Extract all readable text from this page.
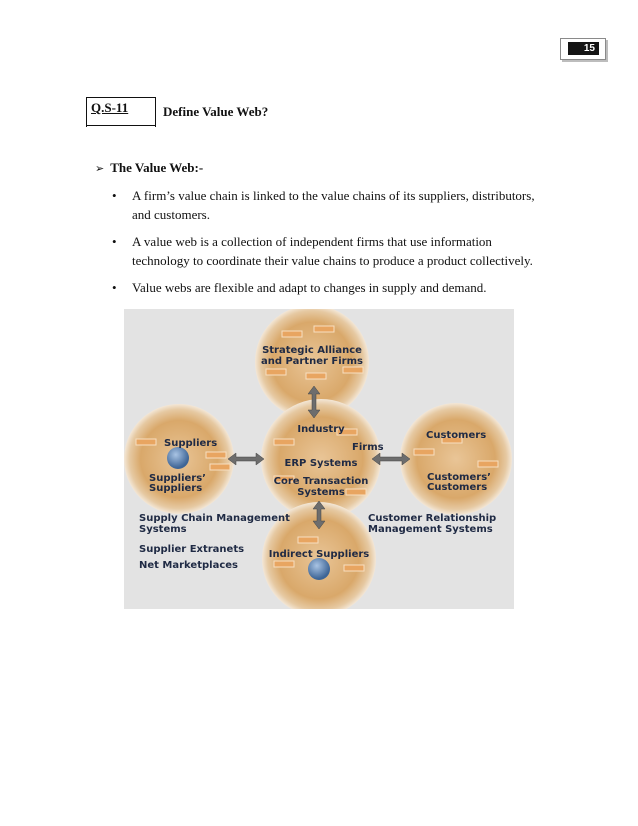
15
Q.S-11	Define Value Web?
➢ The Value Web:-
• A firm’s value chain is linked to the value chains of its suppliers, distributors,
and customers.
• A value web is a collection of independent firms that use information
technology to coordinate their value chains to produce a product collectively.
• Value webs are flexible and adapt to changes in supply and demand.
Strategic Alliance
and Partner Firms
Industry
Firms
ERP Systems
Core Transaction
Systems
Suppliers
Suppliers’
Suppliers
Customers
Customers’
Customers
Indirect Suppliers
Supply Chain Management
Systems
Supplier Extranets
Net Marketplaces
Customer Relationship
Management Systems
